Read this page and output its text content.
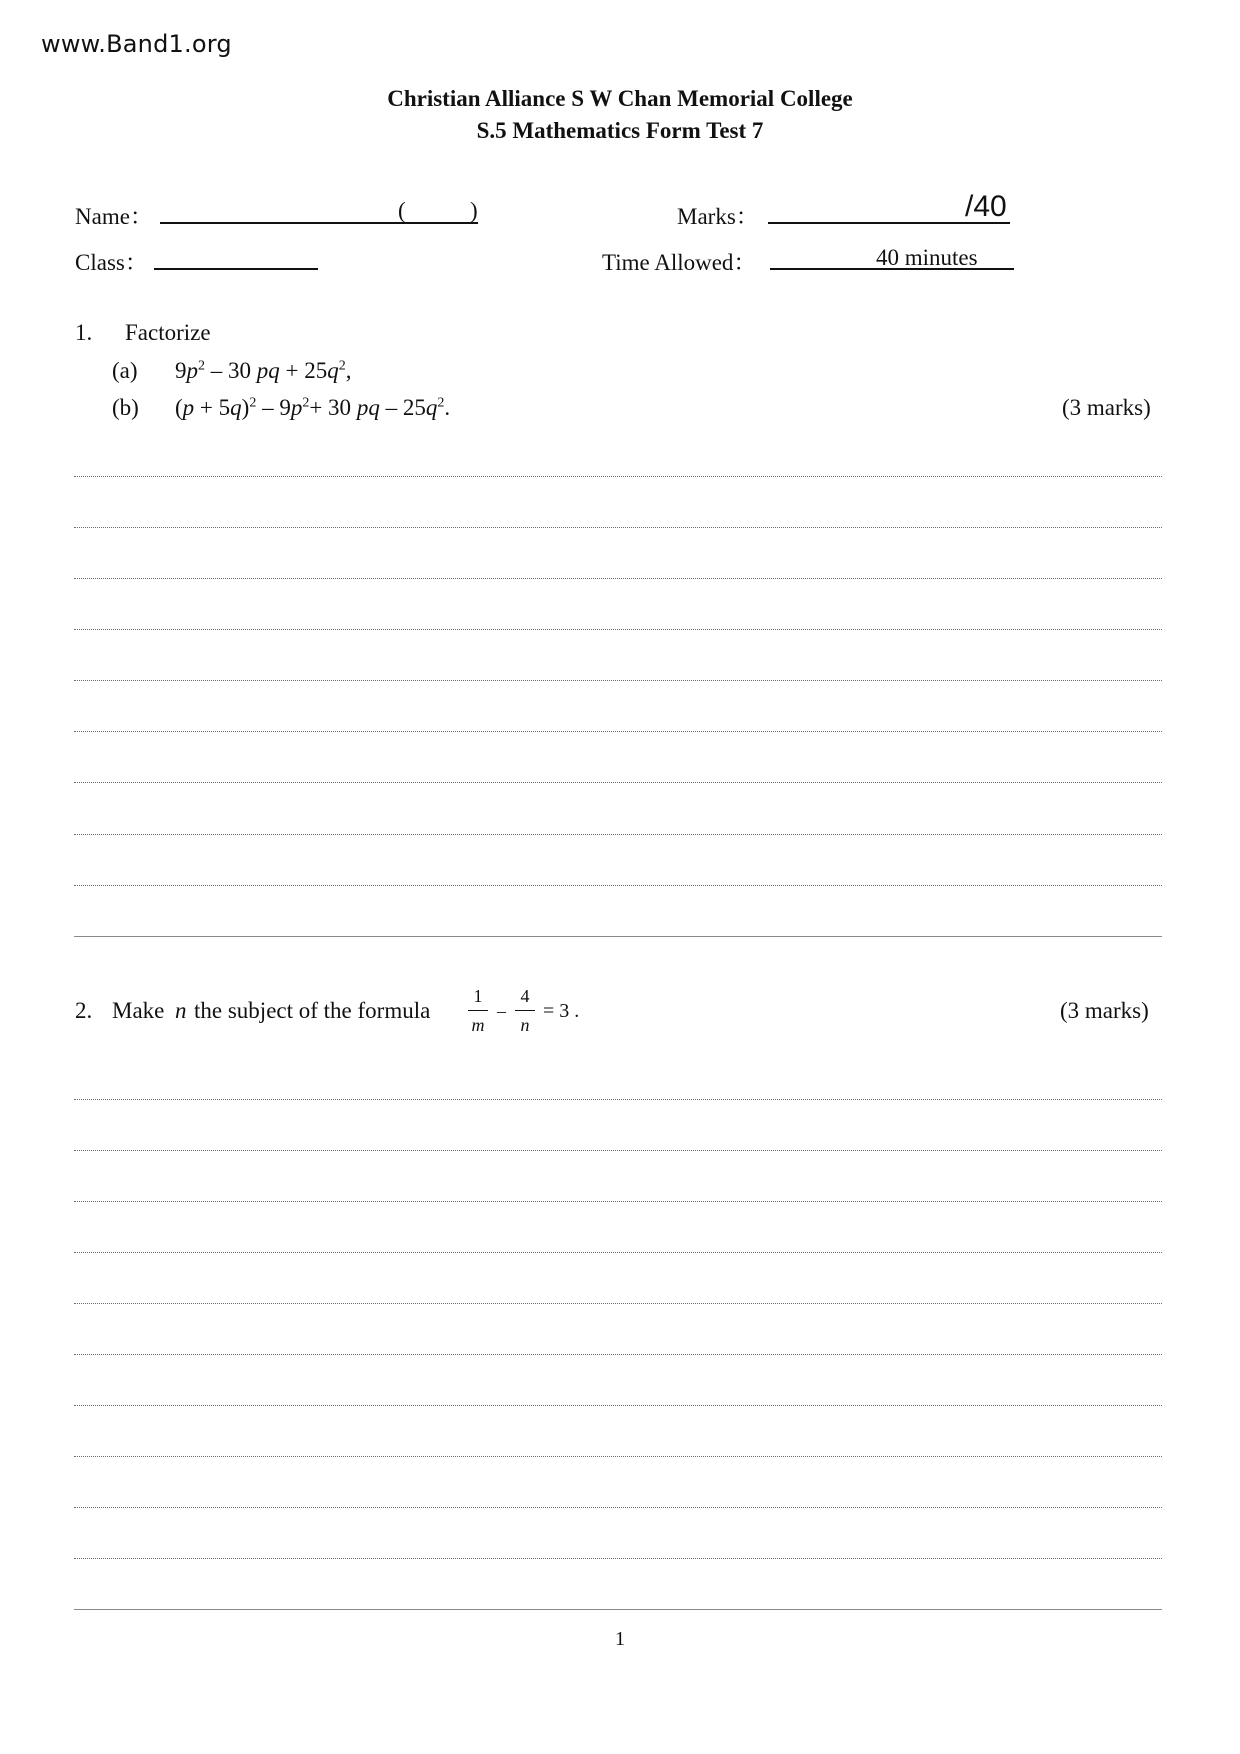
www.Band1.org
Christian Alliance S W Chan Memorial College
S.5 Mathematics Form Test 7
Name：	(	)	Marks：	/40
Class：	Time Allowed：	40 minutes
1. Factorize
(a) $9p^2 - 30$ pq + $25q^2$,
(b) $(p + 5q)^2 - 9p^2+ 30$ pq – $25q^2$.	(3 marks)
2. Make n the subject of the formula $\frac{1}{m} - \frac{4}{n} = 3$ .	(3 marks)
1
